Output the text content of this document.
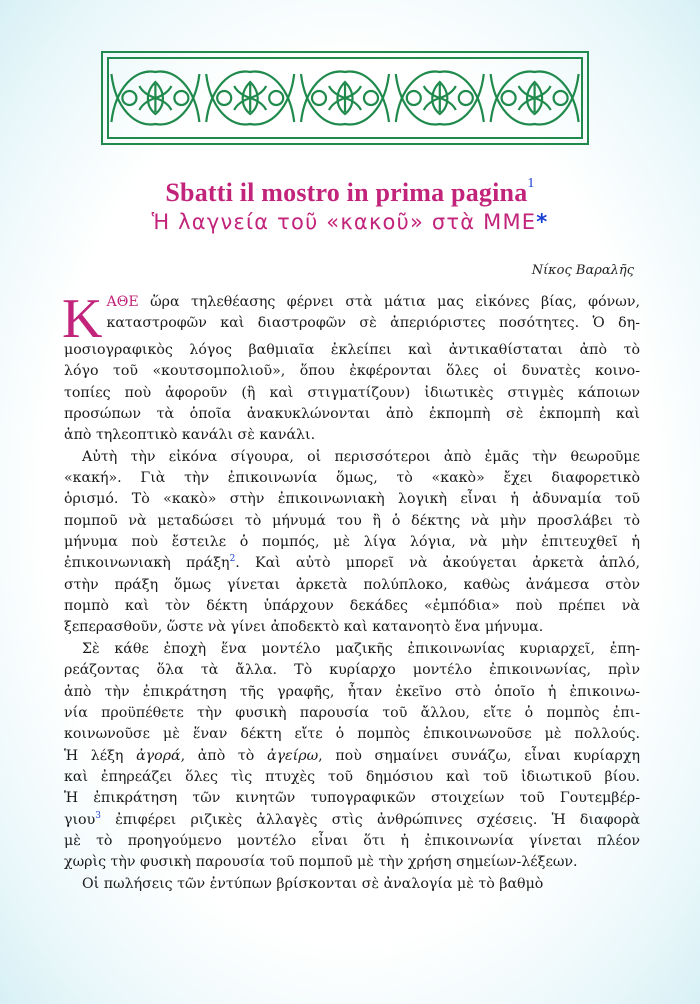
Sbatti il mostro in prima pagina$^1$
Ἡ λαγνεία τοῦ «κακοῦ» στὰ ΜΜΕ*
Νίκος Βαραλῆς
Κ ΑΘΕ ὥρα τηλεθέασης φέρνει στὰ μάτια μας εἰκόνες βίας, φόνων,
καταστροφῶν καὶ διαστροφῶν σὲ ἀπεριόριστες ποσότητες. Ὁ δη-
μοσιογραφικὸς λόγος βαθμιαῖα ἐκλείπει καὶ ἀντικαθίσταται ἀπὸ τὸ
λόγο τοῦ «κουτσομπολιοῦ», ὅπου ἐκφέρονται ὅλες οἱ δυνατὲς κοινο-
τοπίες ποὺ ἀφοροῦν (ἢ καὶ στιγματίζουν) ἰδιωτικὲς στιγμὲς κάποιων
προσώπων τὰ ὁποῖα ἀνακυκλώνονται ἀπὸ ἐκπομπὴ σὲ ἐκπομπὴ καὶ
ἀπὸ τηλεοπτικὸ κανάλι σὲ κανάλι.
Αὐτὴ τὴν εἰκόνα σίγουρα, οἱ περισσότεροι ἀπὸ ἐμᾶς τὴν θεωροῦμε
«κακή». Γιὰ τὴν ἐπικοινωνία ὅμως, τὸ «κακὸ» ἔχει διαφορετικὸ
ὁρισμό. Τὸ «κακὸ» στὴν ἐπικοινωνιακὴ λογικὴ εἶναι ἡ ἀδυναμία τοῦ
πομποῦ νὰ μεταδώσει τὸ μήνυμά του ἢ ὁ δέκτης νὰ μὴν προσλάβει τὸ
μήνυμα ποὺ ἔστειλε ὁ πομπός, μὲ λίγα λόγια, νὰ μὴν ἐπιτευχθεῖ ἡ
ἐπικοινωνιακὴ πράξη$^2$. Καὶ αὐτὸ μπορεῖ νὰ ἀκούγεται ἀρκετὰ ἁπλό,
στὴν πράξη ὅμως γίνεται ἀρκετὰ πολύπλοκο, καθὼς ἀνάμεσα στὸν
πομπὸ καὶ τὸν δέκτη ὑπάρχουν δεκάδες «ἐμπόδια» ποὺ πρέπει νὰ
ξεπερασθοῦν, ὥστε νὰ γίνει ἀποδεκτὸ καὶ κατανοητὸ ἕνα μήνυμα.
Σὲ κάθε ἐποχὴ ἕνα μοντέλο μαζικῆς ἐπικοινωνίας κυριαρχεῖ, ἐπη-
ρεάζοντας ὅλα τὰ ἄλλα. Τὸ κυρίαρχο μοντέλο ἐπικοινωνίας, πρὶν
ἀπὸ τὴν ἐπικράτηση τῆς γραφῆς, ἦταν ἐκεῖνο στὸ ὁποῖο ἡ ἐπικοινω-
νία προϋπέθετε τὴν φυσικὴ παρουσία τοῦ ἄλλου, εἴτε ὁ πομπὸς ἐπι-
κοινωνοῦσε μὲ ἕναν δέκτη εἴτε ὁ πομπὸς ἐπικοινωνοῦσε μὲ πολλούς.
Ἡ λέξη ἀγορά, ἀπὸ τὸ ἀγείρω, ποὺ σημαίνει συνάζω, εἶναι κυρίαρχη
καὶ ἐπηρεάζει ὅλες τὶς πτυχὲς τοῦ δημόσιου καὶ τοῦ ἰδιωτικοῦ βίου.
Ἡ ἐπικράτηση τῶν κινητῶν τυπογραφικῶν στοιχείων τοῦ Γουτεμβέρ-
γιου$^3$ ἐπιφέρει ριζικὲς ἀλλαγὲς στὶς ἀνθρώπινες σχέσεις. Ἡ διαφορὰ
μὲ τὸ προηγούμενο μοντέλο εἶναι ὅτι ἡ ἐπικοινωνία γίνεται πλέον
χωρὶς τὴν φυσικὴ παρουσία τοῦ πομποῦ μὲ τὴν χρήση σημείων-λέξεων.
Οἱ πωλήσεις τῶν ἐντύπων βρίσκονται σὲ ἀναλογία μὲ τὸ βαθμὸ
